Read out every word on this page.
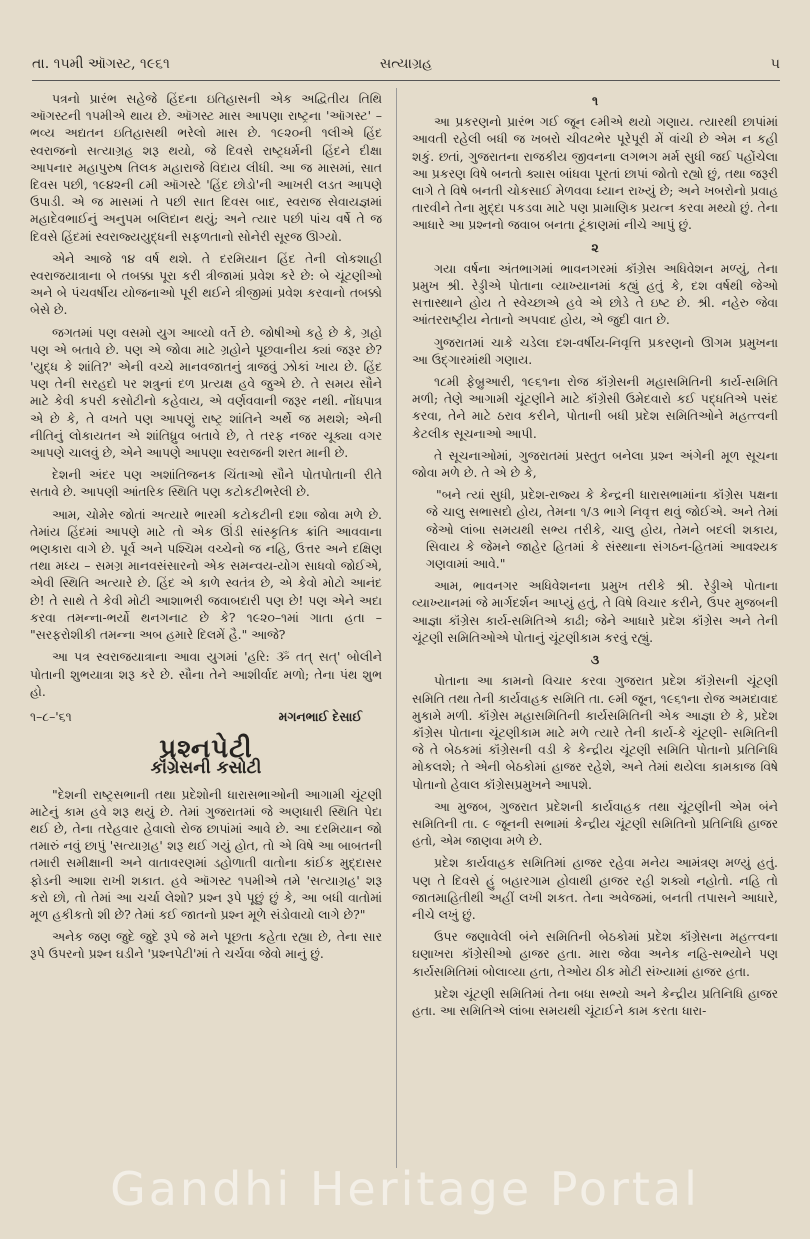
તા. ૧૫મી ઑગસ્ટ, ૧૯૬૧	સત્યાગ્રહ	૫

પત્રનો પ્રારંભ સહેજે હિંદના ઇતિહાસની એક અદ્વિતીય તિથિ ઑગસ્ટની ૧૫મીએ થાય છે. ઑગસ્ટ માસ આપણા રાષ્ટ્રના 'ઑગસ્ટ' – ભવ્ય અદ્યતન ઇતિહાસથી ભરેલો માસ છે. ૧૯૨૦ની ૧લીએ હિંદ સ્વરાજનો સત્યાગ્રહ શરૂ થયો, જે દિવસે રાષ્ટ્રધર્મની હિંદને દીક્ષા આપનાર મહાપુરુષ તિલક મહારાજે વિદાય લીધી. આ જ માસમાં, સાત દિવસ પછી, ૧૯૪૨ની ૮મી ઑગસ્ટે 'હિંદ છોડો'ની આખરી લડત આપણે ઉપાડી. એ જ માસમાં તે પછી સાત દિવસ બાદ, સ્વરાજ સેવાયજ્ઞમાં મહાદેવભાઈનું અનુપમ બલિદાન થયું; અને ત્યાર પછી પાંચ વર્ષે તે જ દિવસે હિંદમાં સ્વરાજ્યયુદ્ધની સફળતાનો સોનેરી સૂરજ ઊગ્યો.

એને આજે ૧૪ વર્ષ થશે. તે દરમિયાન હિંદ તેની લોકશાહી સ્વરાજયાત્રાના બે તબક્કા પૂરા કરી ત્રીજામાં પ્રવેશ કરે છે: બે ચૂંટણીઓ અને બે પંચવર્ષીય યોજનાઓ પૂરી થઈને ત્રીજીમાં પ્રવેશ કરવાનો તબક્કો બેસે છે.

જગતમાં પણ વસમો યુગ આવ્યો વર્તે છે. જોષીઓ કહે છે કે, ગ્રહો પણ એ બતાવે છે. પણ એ જોવા માટે ગ્રહોને પૂછવાનીય ક્યાં જરૂર છે? 'યુદ્ધ કે શાંતિ?' એની વચ્ચે માનવજાતનું ત્રાજવું ઝોકાં ખાય છે. હિંદ પણ તેની સરહદો પર શત્રુનાં દળ પ્રત્યક્ષ હવે જુએ છે. તે સમય સૌને માટે કેવી કપરી કસોટીનો કહેવાય, એ વર્ણવવાની જરૂર નથી. નોંધપાત્ર એ છે કે, તે વખતે પણ આપણું રાષ્ટ્ર શાંતિને અર્થે જ મથશે; એની નીતિનું લોકાયતન એ શાંતિધ્રુવ બતાવે છે, તે તરફ નજર ચૂક્યા વગર આપણે ચાલવું છે, એને આપણે આપણા સ્વરાજની શરત માની છે.

દેશની અંદર પણ અશાંતિજનક ચિંતાઓ સૌને પોતપોતાની રીતે સતાવે છે. આપણી આંતરિક સ્થિતિ પણ કટોકટીભરેલી છે.

આમ, ચોમેર જોતાં અત્યારે ભારમી કટોકટીની દશા જોવા મળે છે. તેમાંય હિંદમાં આપણે માટે તો એક ઊંડી સાંસ્કૃતિક ક્રાંતિ આવવાના ભણકારા વાગે છે. પૂર્વ અને પશ્ચિમ વચ્ચેનો જ નહિ, ઉત્તર અને દક્ષિણ તથા મધ્ય – સમગ્ર માનવસંસારનો એક સમન્વય-યોગ સાધવો જોઈએ, એવી સ્થિતિ અત્યારે છે. હિંદ એ કાળે સ્વતંત્ર છે, એ કેવો મોટો આનંદ છે! તે સાથે તે કેવી મોટી આશાભરી જવાબદારી પણ છે! પણ એને અદા કરવા તમન્ના-ભર્યો થનગનાટ છે કે? ૧૯૨૦–૧માં ગાતા હતા – "સરફરોશીકી તમન્ના અબ હમારે દિલમેં હૈ." આજે?

આ પત્ર સ્વરાજયાત્રાના આવા યુગમાં 'હરિ: ૐ તત્ સત્' બોલીને પોતાની શુભયાત્રા શરૂ કરે છે. સૌના તેને આશીર્વાદ મળો; તેના પંથ શુભ હો.

૧–૮–'૬૧	મગનભાઈ દેસાઈ
પ્રશ્નપેટી
કૉંગ્રેસની કસોટી

"દેશની રાષ્ટ્રસભાની તથા પ્રદેશોની ધારાસભાઓની આગામી ચૂંટણી માટેનું કામ હવે શરૂ થયું છે. તેમાં ગુજરાતમાં જે અણધારી સ્થિતિ પેદા થઈ છે, તેના તરેહવાર હેવાલો રોજ છાપાંમાં આવે છે. આ દરમિયાન જો તમારું નવું છાપું 'સત્યાગ્રહ' શરૂ થઈ ગયું હોત, તો એ વિષે આ બાબતની તમારી સમીક્ષાની અને વાતાવરણમાં ડહોળાતી વાતોના કાંઈક મુદ્દાસર ફોડની આશા રાખી શકાત. હવે ઑગસ્ટ ૧૫મીએ તમે 'સત્યાગ્રહ' શરૂ કરો છો, તો તેમાં આ ચર્ચા લેશો? પ્રશ્ન રૂપે પૂછું છું કે, આ બધી વાતોમાં મૂળ હકીકતો શી છે? તેમાં કઈ જાતનો પ્રશ્ન મૂળે સંડોવાયો લાગે છે?"

અનેક જણ જુદે જુદે રૂપે જે મને પૂછતા કહેતા રહ્યા છે, તેના સાર રૂપે ઉપરનો પ્રશ્ન ઘડીને 'પ્રશ્નપેટી'માં તે ચર્ચવા જેવો માનું છું.

૧

આ પ્રકરણનો પ્રારંભ ગઈ જૂન ૯મીએ થયો ગણાય. ત્યારથી છાપાંમાં આવતી રહેલી બધી જ ખબરો ચીવટભેર પૂરેપૂરી મેં વાંચી છે એમ ન કહી શકું. છતાં, ગુજરાતના રાજકીય જીવનના લગભગ મર્મ સુધી જઈ પહોંચેલા આ પ્રકરણ વિષે બનતો ક્યાસ બાંધવા પૂરતાં છાપાં જોતો રહ્યો છું, તથા જરૂરી લાગે તે વિષે બનતી ચોકસાઈ મેળવવા ધ્યાન રાખ્યું છે; અને ખબરોનો પ્રવાહ તારવીને તેના મુદ્દા પકડવા માટે પણ પ્રામાણિક પ્રયત્ન કરવા મથ્યો છું. તેના આધારે આ પ્રશ્નનો જવાબ બનતા ટૂંકાણમાં નીચે આપું છું.

૨

ગયા વર્ષના અંતભાગમાં ભાવનગરમાં કૉંગ્રેસ અધિવેશન મળ્યું, તેના પ્રમુખ શ્રી. રેડ્ડીએ પોતાના વ્યાખ્યાનમાં કહ્યું હતું કે, દશ વર્ષથી જેઓ સત્તાસ્થાને હોય તે સ્વેચ્છાએ હવે એ છોડે તે ઇષ્ટ છે. શ્રી. નહેરુ જેવા આંતરરાષ્ટ્રીય નેતાનો અપવાદ હોય, એ જુદી વાત છે.

ગુજરાતમાં ચાકે ચડેલા દશ-વર્ષીય-નિવૃત્તિ પ્રકરણનો ઊગમ પ્રમુખના આ ઉદ્ગારમાંથી ગણાય.

૧૮મી ફેબ્રુઆરી, ૧૯૬૧ના રોજ કૉંગ્રેસની મહાસમિતિની કાર્ય-સમિતિ મળી; તેણે આગામી ચૂંટણીને માટે કૉંગ્રેસી ઉમેદવારો કઈ પદ્ધતિએ પસંદ કરવા, તેને માટે ઠરાવ કરીને, પોતાની બધી પ્રદેશ સમિતિઓને મહત્ત્વની કેટલીક સૂચનાઓ આપી.

તે સૂચનાઓમાં, ગુજરાતમાં પ્રસ્તુત બનેલા પ્રશ્ન અંગેની મૂળ સૂચના જોવા મળે છે. તે એ છે કે,

"બને ત્યાં સુધી, પ્રદેશ-રાજ્ય કે કેન્દ્રની ધારાસભામાંના કૉંગ્રેસ પક્ષના જે ચાલુ સભાસદો હોય, તેમના ૧/૩ ભાગે નિવૃત્ત થવું જોઈએ. અને તેમાં જેઓ લાંબા સમયથી સભ્ય તરીકે, ચાલુ હોય, તેમને બદલી શકાય, સિવાય કે જેમને જાહેર હિતમાં કે સંસ્થાના સંગઠન-હિતમાં આવશ્યક ગણવામાં આવે."

આમ, ભાવનગર અધિવેશનના પ્રમુખ તરીકે શ્રી. રેડ્ડીએ પોતાના વ્યાખ્યાનમાં જે માર્ગદર્શન આપ્યું હતું, તે વિષે વિચાર કરીને, ઉપર મુજબની આજ્ઞા કૉંગ્રેસ કાર્ય-સમિતિએ કાઢી; જેને આધારે પ્રદેશ કૉંગ્રેસ અને તેની ચૂંટણી સમિતિઓએ પોતાનું ચૂંટણીકામ કરવું રહ્યું.

૩

પોતાના આ કામનો વિચાર કરવા ગુજરાત પ્રદેશ કૉંગ્રેસની ચૂંટણી સમિતિ તથા તેની કાર્યવાહક સમિતિ તા. ૯મી જૂન, ૧૯૬૧ના રોજ અમદાવાદ મુકામે મળી. કૉંગ્રેસ મહાસમિતિની કાર્યસમિતિની એક આજ્ઞા છે કે, પ્રદેશ કૉંગ્રેસ પોતાના ચૂંટણીકામ માટે મળે ત્યારે તેની કાર્ય-કે ચૂંટણી- સમિતિની જે તે બેઠકમાં કૉંગ્રેસની વડી કે કેન્દ્રીય ચૂંટણી સમિતિ પોતાનો પ્રતિનિધિ મોકલશે; તે એની બેઠકોમાં હાજર રહેશે, અને તેમાં થયેલા કામકાજ વિષે પોતાનો હેવાલ કૉંગ્રેસપ્રમુખને આપશે.

આ મુજબ, ગુજરાત પ્રદેશની કાર્યવાહક તથા ચૂંટણીની એમ બંને સમિતિની તા. ૯ જૂનની સભામાં કેન્દ્રીય ચૂંટણી સમિતિનો પ્રતિનિધિ હાજર હતો, એમ જાણવા મળે છે.

પ્રદેશ કાર્યવાહક સમિતિમાં હાજર રહેવા મનેય આમંત્રણ મળ્યું હતું. પણ તે દિવસે હું બહારગામ હોવાથી હાજર રહી શક્યો નહોતો. નહિ તો જાતમાહિતીથી અહીં લખી શકત. તેના અવેજમાં, બનતી તપાસને આધારે, નીચે લખું છું.

ઉપર જણાવેલી બંને સમિતિની બેઠકોમાં પ્રદેશ કૉંગ્રેસના મહત્ત્વના ઘણાખરા કૉંગ્રેસીઓ હાજર હતા. મારા જેવા અનેક નહિ-સભ્યોને પણ કાર્યસમિતિમાં બોલાવ્યા હતા, તેઓય ઠીક મોટી સંખ્યામાં હાજર હતા.

પ્રદેશ ચૂંટણી સમિતિમાં તેના બધા સભ્યો અને કેન્દ્રીય પ્રતિનિધિ હાજર હતા. આ સમિતિએ લાંબા સમયથી ચૂંટાઈને કામ કરતા ધારા-

Gandhi Heritage Portal
